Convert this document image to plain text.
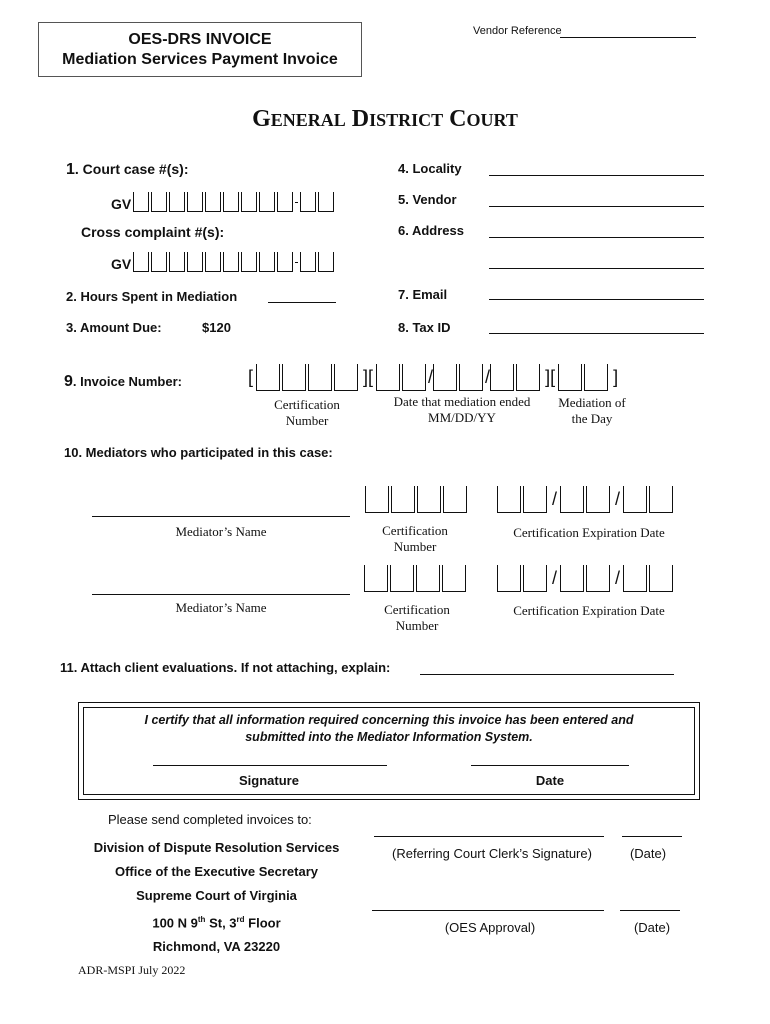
OES-DRS INVOICE
Mediation Services Payment Invoice
Vendor Reference
GENERAL DISTRICT COURT
1. Court case #(s):
GV
Cross complaint #(s):
GV
2. Hours Spent in Mediation
3. Amount Due:	$120
4. Locality
5. Vendor
6. Address
7. Email
8. Tax ID
9. Invoice Number:	[	][	/	/	][	]
Certification
Number
Date that mediation ended
MM/DD/YY
Mediation of
the Day
10. Mediators who participated in this case:
Mediator’s Name	Certification
Number
/	/
Certification Expiration Date
Mediator’s Name	Certification
Number
/	/
Certification Expiration Date
11. Attach client evaluations. If not attaching, explain:
I certify that all information required concerning this invoice has been entered and
submitted into the Mediator Information System.
Signature	Date
Please send completed invoices to:
Division of Dispute Resolution Services
Office of the Executive Secretary
Supreme Court of Virginia
100 N 9th St, 3rd Floor
Richmond, VA 23220
(Referring Court Clerk’s Signature)	(Date)
(OES Approval)	(Date)
ADR-MSPI July 2022
